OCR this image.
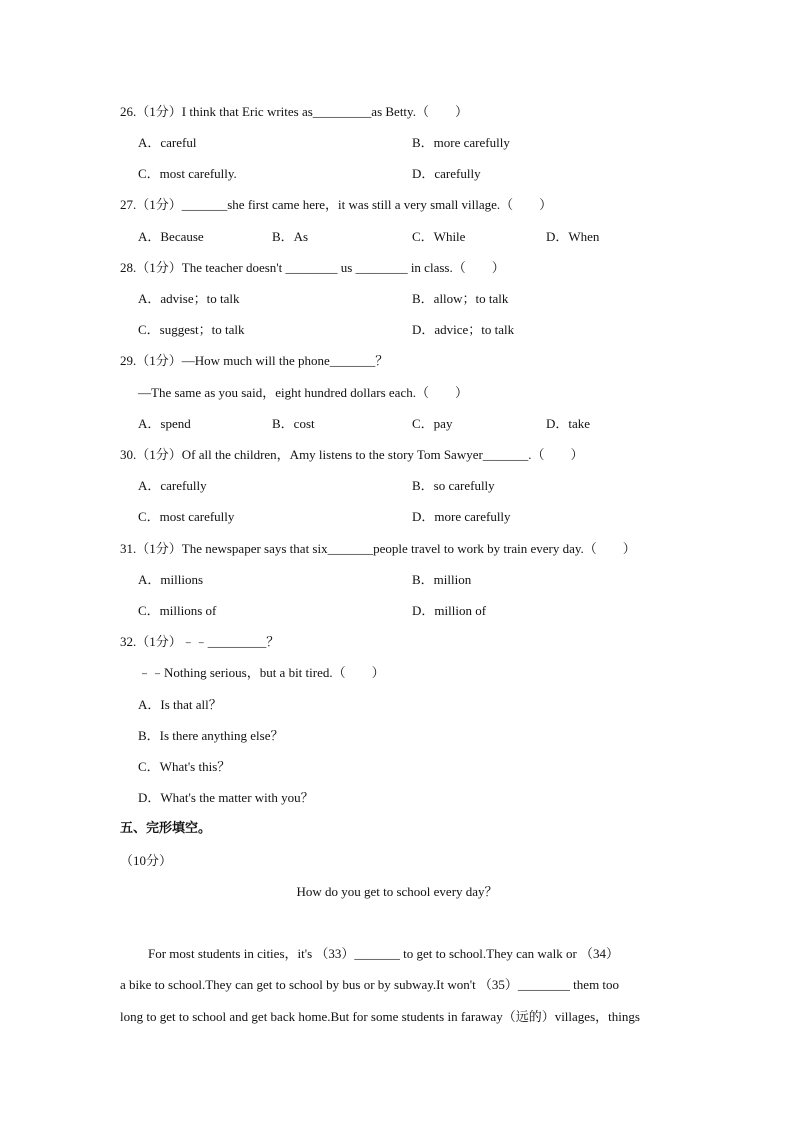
26.（1分）I think that Eric writes as_________as Betty.（　　）
A．careful	B．more carefully
C．most carefully.	D．carefully
27.（1分）_______she first came here，it was still a very small village.（　　）
A．Because	B．As	C．While	D．When
28.（1分）The teacher doesn't ________ us ________ in class.（　　）
A．advise；to talk	B．allow；to talk
C．suggest；to talk	D．advice；to talk
29.（1分）—How much will the phone_______？
—The same as you said，eight hundred dollars each.（　　）
A．spend	B．cost	C．pay	D．take
30.（1分）Of all the children，Amy listens to the story Tom Sawyer_______.（　　）
A．carefully	B．so carefully
C．most carefully	D．more carefully
31.（1分）The newspaper says that six_______people travel to work by train every day.（　　）
A．millions	B．million
C．millions of	D．million of
32.（1分）﹣﹣_________？
﹣﹣Nothing serious，but a bit tired.（　　）
A．Is that all？
B．Is there anything else？
C．What's this？
D．What's the matter with you？
五、完形填空。
（10分）
How do you get to school every day？
For most students in cities，it's （33）_______ to get to school.They can walk or （34）
a bike to school.They can get to school by bus or by subway.It won't （35）________ them too
long to get to school and get back home.But for some students in faraway（远的）villages，things
